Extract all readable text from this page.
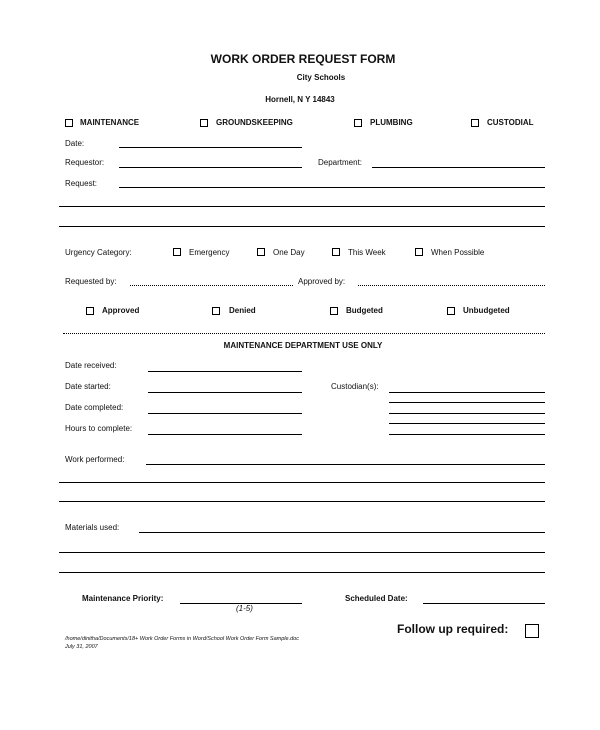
WORK ORDER REQUEST FORM
City Schools
Hornell, N Y 14843
MAINTENANCE	GROUNDSKEEPING	PLUMBING	CUSTODIAL
Date:
Requestor:	Department:
Request:
Urgency Category:	Emergency	One Day	This Week	When Possible
Requested by:	Approved by:
Approved	Denied	Budgeted	Unbudgeted
MAINTENANCE DEPARTMENT USE ONLY
Date received:
Date started:	Custodian(s):
Date completed:
Hours to complete:
Work performed:
Materials used:
Maintenance Priority:
(1-5)
Scheduled Date:
/home/dinitha/Documents/18+ Work Order Forms in Word/School Work Order Form Sample.doc
July 31, 2007
Follow up required:
